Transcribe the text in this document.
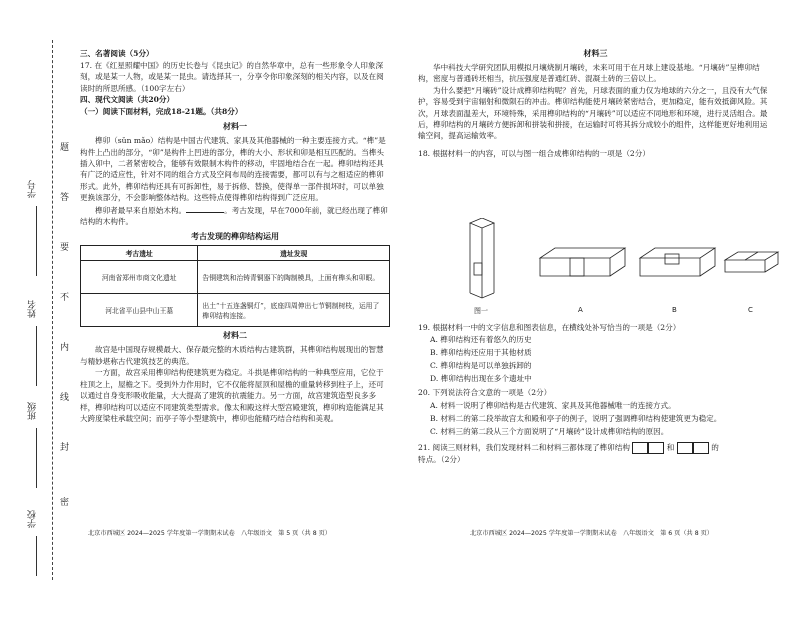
学号
姓名
班级
学校
题
答
要
不
内
线
封
密

三、名著阅读（5分）

17. 在《红星照耀中国》的历史长卷与《昆虫记》的自然华章中，总有一些形象令人印象深刻，或是某一人物，或是某一昆虫。请选择其一，分享令你印象深刻的相关内容，以及在阅读时的所思所感。（100字左右）

四、现代文阅读（共20分）

（一）阅读下面材料，完成18-21题。（共8分）

材料一

榫卯（sǔn mǎo）结构是中国古代建筑、家具及其他器械的一种主要连接方式。“榫”是构件上凸出的部分，“卯”是构件上凹进的部分，榫的大小、形状和卯是相互匹配的。当榫头插入卯中，二者紧密咬合，能够有效限制木构件的移动，牢固地结合在一起。榫卯结构还具有广泛的适应性，针对不同的组合方式及空间布局的连接需要，都可以有与之相适应的榫卯形式。此外，榫卯结构还具有可拆卸性，易于拆修、替换，使得单一部件损坏时，可以单独更换该部分，不会影响整体结构。这些特点使得榫卯结构得到广泛应用。

榫卯者最早来自原始木构。	。考古发现，早在7000年前，就已经出现了榫卯结构的木构件。

考古发现的榫卯结构运用

考古遗址	遗址发现
河南省郑州市商文化遗址	告铜建筑和治铸青铜器下的陶制模具，上面有榫头和卯眼。
河北省平山县中山王墓	出土“十五连盏铜灯”，底座四周伸出七节铜制树枝，运用了榫卯结构连接。

材料二

故宫是中国现存规模最大、保存最完整的木质结构古建筑群，其榫卯结构展现出的智慧与精妙堪称古代建筑技艺的典范。

一方面，故宫采用榫卯结构使建筑更为稳定。斗拱是榫卯结构的一种典型应用，它位于柱顶之上，屋檐之下。受到外力作用时，它不仅能将屋顶和屋檐的重量转移到柱子上，还可以通过自身变形吸收能量，大大提高了建筑的抗震能力。另一方面，故宫建筑造型良多多样，榫卯结构可以适应不同建筑类型需求。像太和殿这样大型宫殿建筑，榫卯构造能满足其大跨度梁柱承载空间；而亭子等小型建筑中，榫卯也能精巧结合结构和美观。

北京市西城区 2024—2025 学年度第一学期期末试卷　八年级语文　第 5 页（共 8 页）

材料三

华中科技大学研究团队用模拟月壤烧制月壤砖，未来可用于在月球上建设基地。“月壤砖”呈榫卯结构，密度与普通砖坯相当，抗压强度是普通红砖、混凝土砖的三倍以上。

为什么要把“月壤砖”设计成榫卯结构呢？首先，月球表面的重力仅为地球的六分之一，且没有大气保护，容易受到宇宙辐射和微陨石的冲击。榫卯结构能使月壤砖紧密结合，更加稳定，能有效抵御风险。其次，月球表面温差大，环境特殊，采用榫卯结构的“月壤砖”可以适应不同地形和环境，进行灵活组合。最后，榫卯结构的月壤砖方便拆卸和拼装和拼接，在运输时可将其拆分成较小的组件，这样能更好地利用运输空间，提高运输效率。

18. 根据材料一的内容，可以与图一组合成榫卯结构的一项是（2分）

图一	A	B	C

19. 根据材料一中的文字信息和图表信息，在横线处补写恰当的一项是（2分）

A. 榫卯结构还有着悠久的历史

B. 榫卯结构还应用于其他材质

C. 榫卯结构是可以单独拆卸的

D. 榫卯结构出现在多个遗址中

20. 下列说法符合文意的一项是（2分）

A. 材料一说明了榫卯结构是古代建筑、家具及其他器械唯一的连接方式。

B. 材料二的第二段举故宫太和殿和亭子的例子，说明了强调榫卯结构使建筑更为稳定。

C. 材料三的第二段从三个方面说明了“月壤砖”设计成榫卯结构的原因。

21. 阅读三则材料，我们发现材料二和材料三都体现了榫卯结构	和	的

特点。（2分）

北京市西城区 2024—2025 学年度第一学期期末试卷　八年级语文　第 6 页（共 8 页）
